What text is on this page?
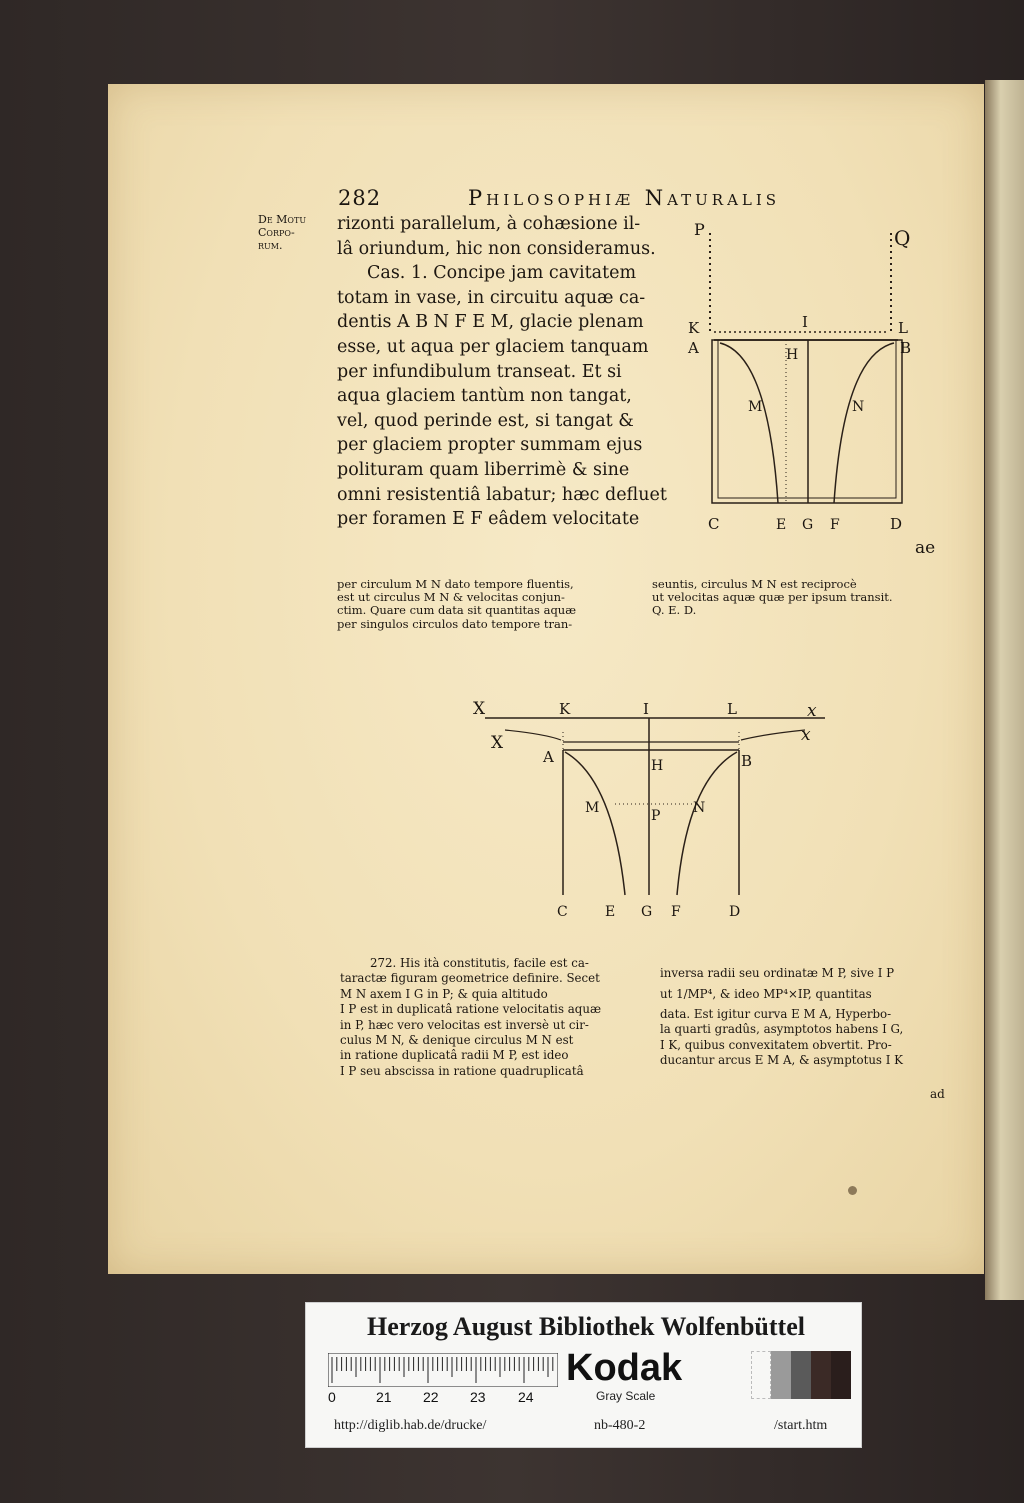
282	Philosophiæ Naturalis
De Motu
Corpo-
rum.
rizonti parallelum, à cohæsione il-
lâ oriundum, hic non consideramus.
Cas. 1. Concipe jam cavitatem
totam in vase, in circuitu aquæ ca-
dentis A B N F E M, glacie plenam
esse, ut aqua per glaciem tanquam
per infundibulum transeat. Et si
aqua glaciem tantùm non tangat,
vel, quod perinde est, si tangat &
per glaciem propter summam ejus
polituram quam liberrimè & sine
omni resistentiâ labatur; hæc defluet
per foramen E F eâdem velocitate
P	Q
K	I	L
A	H	B
M	N
C	E G F	D
ae
per circulum M N dato tempore fluentis,
est ut circulus M N & velocitas conjun-
ctim. Quare cum data sit quantitas aquæ
per singulos circulos dato tempore tran-
seuntis, circulus M N est reciprocè
ut velocitas aquæ quæ per ipsum transit.
Q. E. D.
X	K	I	L	x
X	x
A	H	B
M	N
P
C	E G F	D
272. His ità constitutis, facile est ca-
taractæ figuram geometrice definire. Secet
M N axem I G in P; & quia altitudo
I P est in duplicatâ ratione velocitatis aquæ
in P, hæc vero velocitas est inversè ut cir-
culus M N, & denique circulus M N est
in ratione duplicatâ radii M P, est ideo
I P seu abscissa in ratione quadruplicatâ
inversa radii seu ordinatæ M P, sive I P
ut 1/MP⁴, & ideo MP⁴×IP, quantitas
data. Est igitur curva E M A, Hyperbo-
la quarti gradûs, asymptotos habens I G,
I K, quibus convexitatem obvertit. Pro-
ducantur arcus E M A, & asymptotus I K
ad
Herzog August Bibliothek Wolfenbüttel
0	21 22 23 24
Kodak
Gray Scale
http://diglib.hab.de/drucke/	nb-480-2	/start.htm
